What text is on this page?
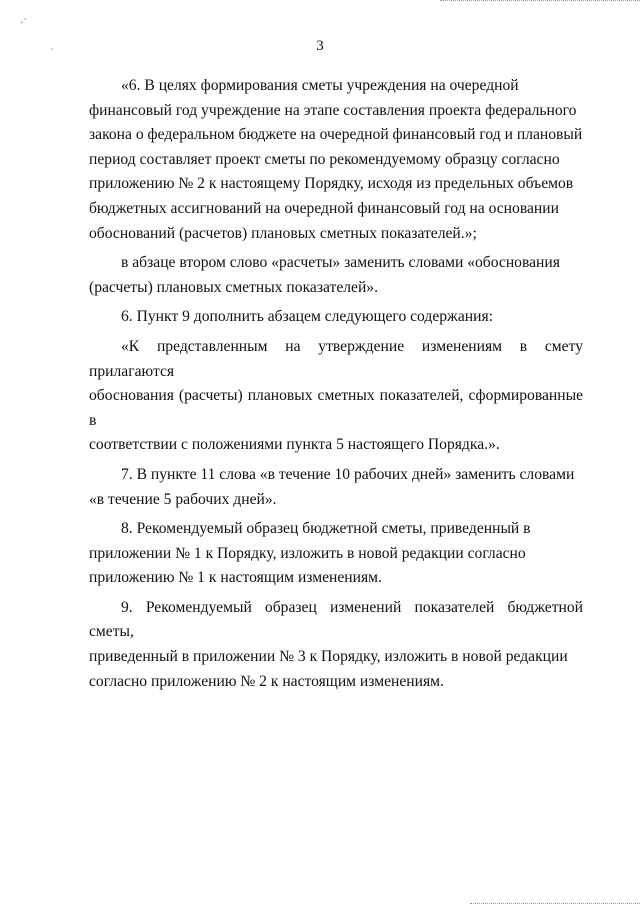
·ˊ
ˊ	3

«6. В целях формирования сметы учреждения на очередной
финансовый год учреждение на этапе составления проекта федерального
закона о федеральном бюджете на очередной финансовый год и плановый
период составляет проект сметы по рекомендуемому образцу согласно
приложению № 2 к настоящему Порядку, исходя из предельных объемов
бюджетных ассигнований на очередной финансовый год на основании
обоснований (расчетов) плановых сметных показателей.»;

в абзаце втором слово «расчеты» заменить словами «обоснования
(расчеты) плановых сметных показателей».

6. Пункт 9 дополнить абзацем следующего содержания:

«К представленным на утверждение изменениям в смету прилагаются
обоснования (расчеты) плановых сметных показателей, сформированные в
соответствии с положениями пункта 5 настоящего Порядка.».

7. В пункте 11 слова «в течение 10 рабочих дней» заменить словами
«в течение 5 рабочих дней».

8. Рекомендуемый образец бюджетной сметы, приведенный в
приложении № 1 к Порядку, изложить в новой редакции согласно
приложению № 1 к настоящим изменениям.

9. Рекомендуемый образец изменений показателей бюджетной сметы,
приведенный в приложении № 3 к Порядку, изложить в новой редакции
согласно приложению № 2 к настоящим изменениям.
